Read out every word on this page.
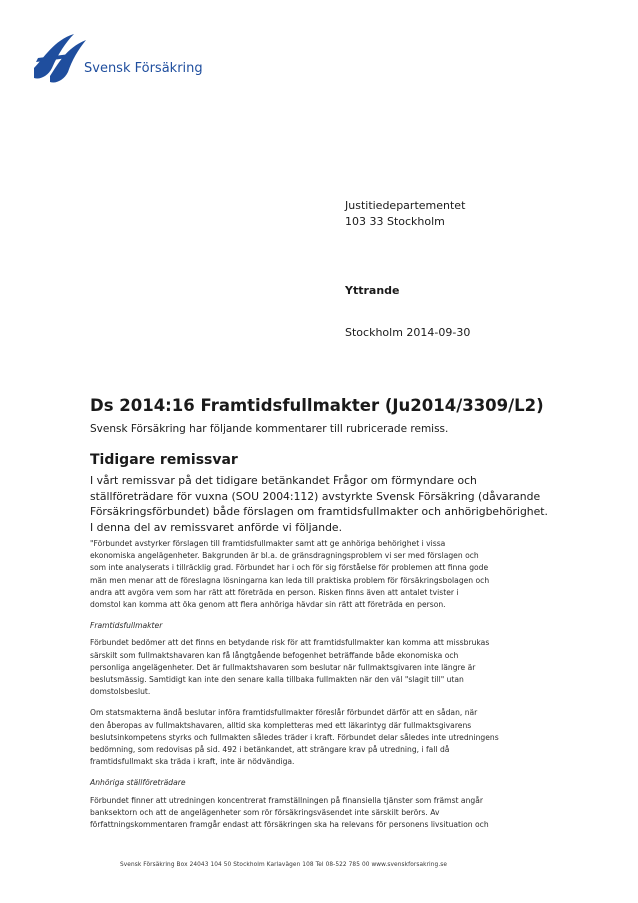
Svensk Försäkring
Justitiedepartementet
103 33 Stockholm
Yttrande
Stockholm 2014-09-30
Ds 2014:16 Framtidsfullmakter (Ju2014/3309/L2)
Svensk Försäkring har följande kommentarer till rubricerade remiss.
Tidigare remissvar
I vårt remissvar på det tidigare betänkandet Frågor om förmyndare och
ställföreträdare för vuxna (SOU 2004:112) avstyrkte Svensk Försäkring (dåvarande
Försäkringsförbundet) både förslagen om framtidsfullmakter och anhörigbehörighet.
I denna del av remissvaret anförde vi följande.
"Förbundet avstyrker förslagen till framtidsfullmakter samt att ge anhöriga behörighet i vissa
ekonomiska angelägenheter. Bakgrunden är bl.a. de gränsdragningsproblem vi ser med förslagen och
som inte analyserats i tillräcklig grad. Förbundet har i och för sig förståelse för problemen att finna gode
män men menar att de föreslagna lösningarna kan leda till praktiska problem för försäkringsbolagen och
andra att avgöra vem som har rätt att företräda en person. Risken finns även att antalet tvister i
domstol kan komma att öka genom att flera anhöriga hävdar sin rätt att företräda en person.
Framtidsfullmakter
Förbundet bedömer att det finns en betydande risk för att framtidsfullmakter kan komma att missbrukas
särskilt som fullmaktshavaren kan få långtgående befogenhet beträffande både ekonomiska och
personliga angelägenheter. Det är fullmaktshavaren som beslutar när fullmaktsgivaren inte längre är
beslutsmässig. Samtidigt kan inte den senare kalla tillbaka fullmakten när den väl "slagit till" utan
domstolsbeslut.
Om statsmakterna ändå beslutar införa framtidsfullmakter föreslår förbundet därför att en sådan, när
den åberopas av fullmaktshavaren, alltid ska kompletteras med ett läkarintyg där fullmaktsgivarens
beslutsinkompetens styrks och fullmakten således träder i kraft. Förbundet delar således inte utredningens
bedömning, som redovisas på sid. 492 i betänkandet, att strängare krav på utredning, i fall då
framtidsfullmakt ska träda i kraft, inte är nödvändiga.
Anhöriga ställföreträdare
Förbundet finner att utredningen koncentrerat framställningen på finansiella tjänster som främst angår
banksektorn och att de angelägenheter som rör försäkringsväsendet inte särskilt berörs. Av
författningskommentaren framgår endast att försäkringen ska ha relevans för personens livsituation och
Svensk Försäkring Box 24043 104 50 Stockholm Karlavägen 108 Tel 08-522 785 00 www.svenskforsakring.se
